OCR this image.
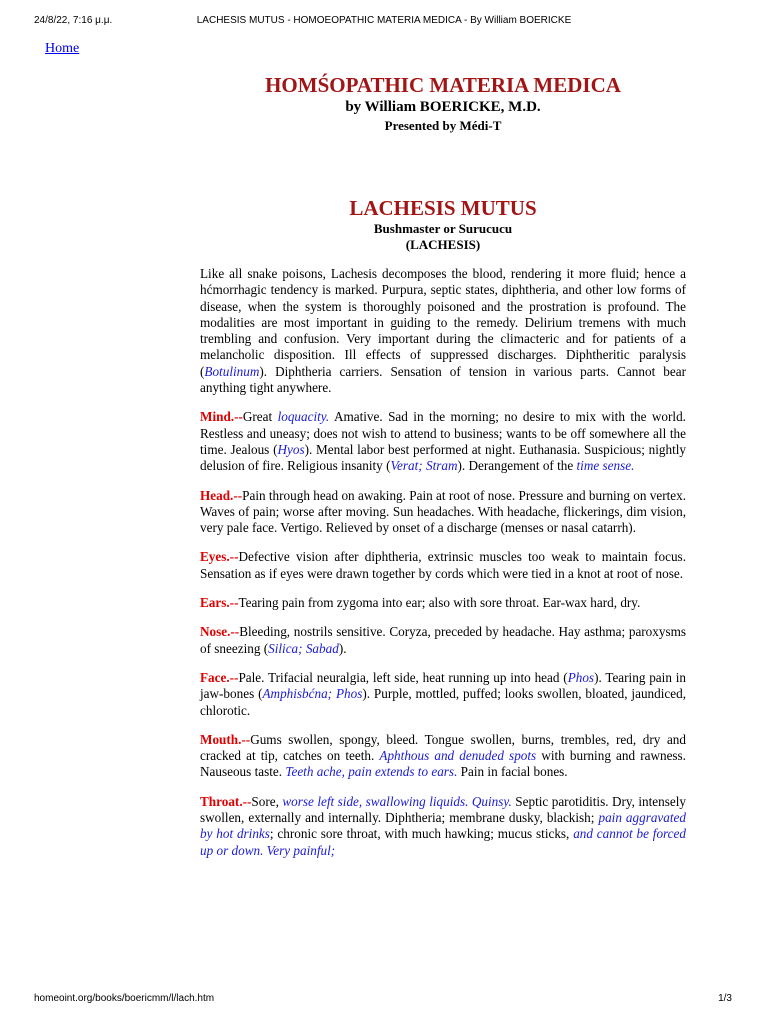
24/8/22, 7:16 μ.μ.	LACHESIS MUTUS - HOMOEOPATHIC MATERIA MEDICA - By William BOERICKE
Home

HOMŚOPATHIC MATERIA MEDICA

by William BOERICKE, M.D.

Presented by Médi-T

LACHESIS MUTUS

Bushmaster or Surucucu

(LACHESIS)

Like all snake poisons, Lachesis decomposes the blood, rendering it more fluid; hence a hćmorrhagic tendency is marked. Purpura, septic states, diphtheria, and other low forms of disease, when the system is thoroughly poisoned and the prostration is profound. The modalities are most important in guiding to the remedy. Delirium tremens with much trembling and confusion. Very important during the climacteric and for patients of a melancholic disposition. Ill effects of suppressed discharges. Diphtheritic paralysis (Botulinum). Diphtheria carriers. Sensation of tension in various parts. Cannot bear anything tight anywhere.

Mind.--Great loquacity. Amative. Sad in the morning; no desire to mix with the world. Restless and uneasy; does not wish to attend to business; wants to be off somewhere all the time. Jealous (Hyos). Mental labor best performed at night. Euthanasia. Suspicious; nightly delusion of fire. Religious insanity (Verat; Stram). Derangement of the time sense.

Head.--Pain through head on awaking. Pain at root of nose. Pressure and burning on vertex. Waves of pain; worse after moving. Sun headaches. With headache, flickerings, dim vision, very pale face. Vertigo. Relieved by onset of a discharge (menses or nasal catarrh).

Eyes.--Defective vision after diphtheria, extrinsic muscles too weak to maintain focus. Sensation as if eyes were drawn together by cords which were tied in a knot at root of nose.

Ears.--Tearing pain from zygoma into ear; also with sore throat. Ear-wax hard, dry.

Nose.--Bleeding, nostrils sensitive. Coryza, preceded by headache. Hay asthma; paroxysms of sneezing (Silica; Sabad).

Face.--Pale. Trifacial neuralgia, left side, heat running up into head (Phos). Tearing pain in jaw-bones (Amphisbćna; Phos). Purple, mottled, puffed; looks swollen, bloated, jaundiced, chlorotic.

Mouth.--Gums swollen, spongy, bleed. Tongue swollen, burns, trembles, red, dry and cracked at tip, catches on teeth. Aphthous and denuded spots with burning and rawness. Nauseous taste. Teeth ache, pain extends to ears. Pain in facial bones.

Throat.--Sore, worse left side, swallowing liquids. Quinsy. Septic parotiditis. Dry, intensely swollen, externally and internally. Diphtheria; membrane dusky, blackish; pain aggravated by hot drinks; chronic sore throat, with much hawking; mucus sticks, and cannot be forced up or down. Very painful;

homeoint.org/books/boericmm/l/lach.htm	1/3
